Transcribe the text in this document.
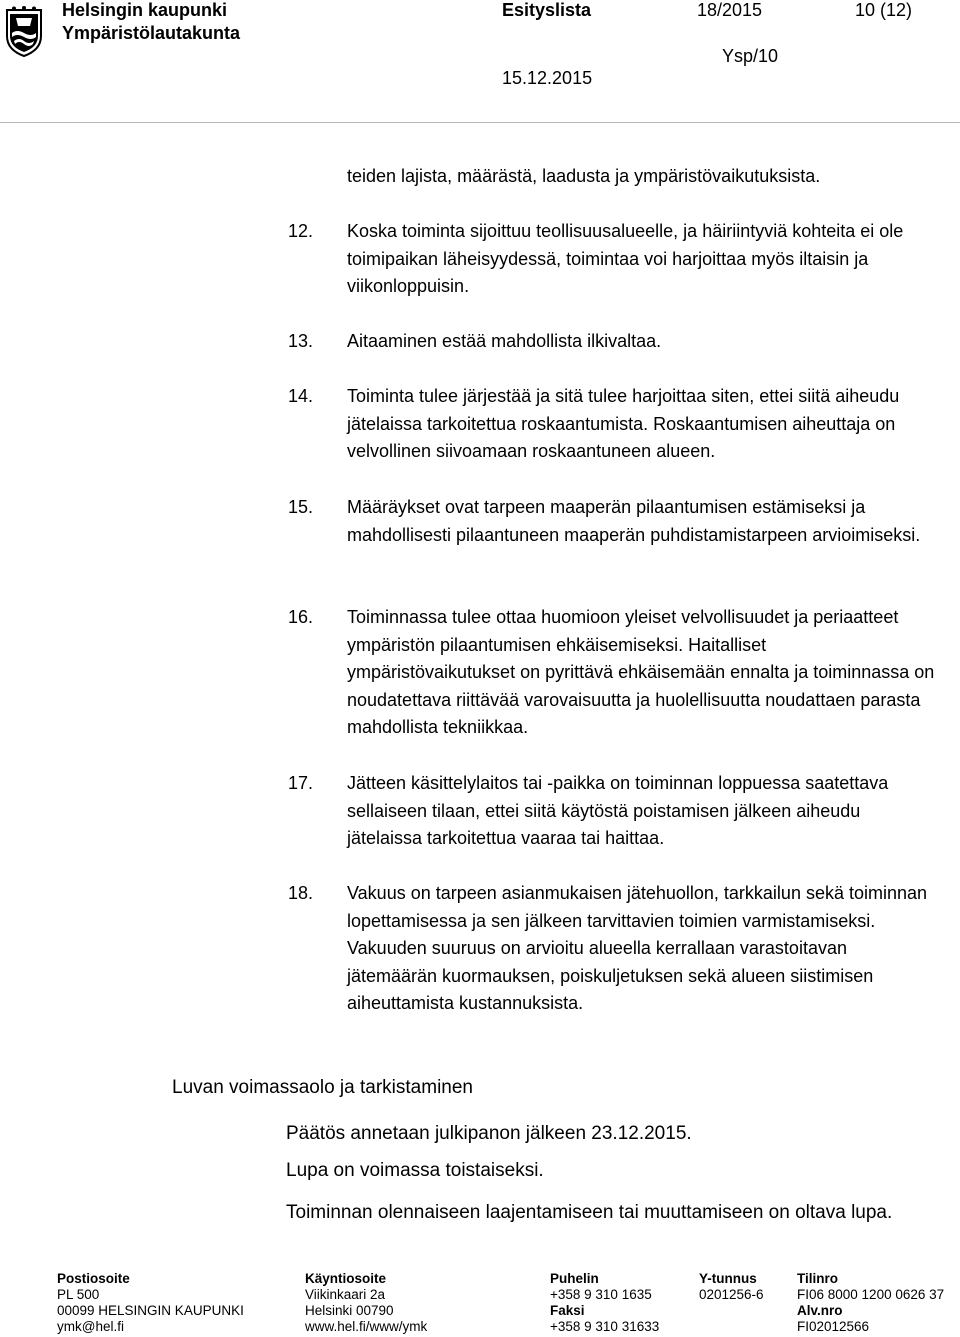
Helsingin kaupunki
Ympäristölautakunta
Esityslista	18/2015	10 (12)
Ysp/10
15.12.2015
teiden lajista, määrästä, laadusta ja ympäristövaikutuksista.
12.	Koska toiminta sijoittuu teollisuusalueelle, ja häiriintyviä kohteita ei ole toimipaikan läheisyydessä, toimintaa voi harjoittaa myös iltaisin ja viikonloppuisin.
13.	Aitaaminen estää mahdollista ilkivaltaa.
14.	Toiminta tulee järjestää ja sitä tulee harjoittaa siten, ettei siitä aiheudu jätelaissa tarkoitettua roskaantumista. Roskaantumisen aiheuttaja on velvollinen siivoamaan roskaantuneen alueen.
15.	Määräykset ovat tarpeen maaperän pilaantumisen estämiseksi ja mahdollisesti pilaantuneen maaperän puhdistamistarpeen arvioimiseksi.
16.	Toiminnassa tulee ottaa huomioon yleiset velvollisuudet ja periaatteet ympäristön pilaantumisen ehkäisemiseksi. Haitalliset ympäristövaikutukset on pyrittävä ehkäisemään ennalta ja toiminnassa on noudatettava riittävää varovaisuutta ja huolellisuutta noudattaen parasta mahdollista tekniikkaa.
17.	Jätteen käsittelylaitos tai -paikka on toiminnan loppuessa saatettava sellaiseen tilaan, ettei siitä käytöstä poistamisen jälkeen aiheudu jätelaissa tarkoitettua vaaraa tai haittaa.
18.	Vakuus on tarpeen asianmukaisen jätehuollon, tarkkailun sekä toiminnan lopettamisessa ja sen jälkeen tarvittavien toimien varmistamiseksi. Vakuuden suuruus on arvioitu alueella kerrallaan varastoitavan jätemäärän kuormauksen, poiskuljetuksen sekä alueen siistimisen aiheuttamista kustannuksista.
Luvan voimassaolo ja tarkistaminen
Päätös annetaan julkipanon jälkeen 23.12.2015.
Lupa on voimassa toistaiseksi.
Toiminnan olennaiseen laajentamiseen tai muuttamiseen on oltava lupa.
Postiosoite
PL 500
00099 HELSINGIN KAUPUNKI
ymk@hel.fi
Käyntiosoite
Viikinkaari 2a
Helsinki 00790
www.hel.fi/www/ymk
Puhelin
+358 9 310 1635
Faksi
+358 9 310 31633
Y-tunnus
0201256-6
Tilinro
FI06 8000 1200 0626 37
Alv.nro
FI02012566
